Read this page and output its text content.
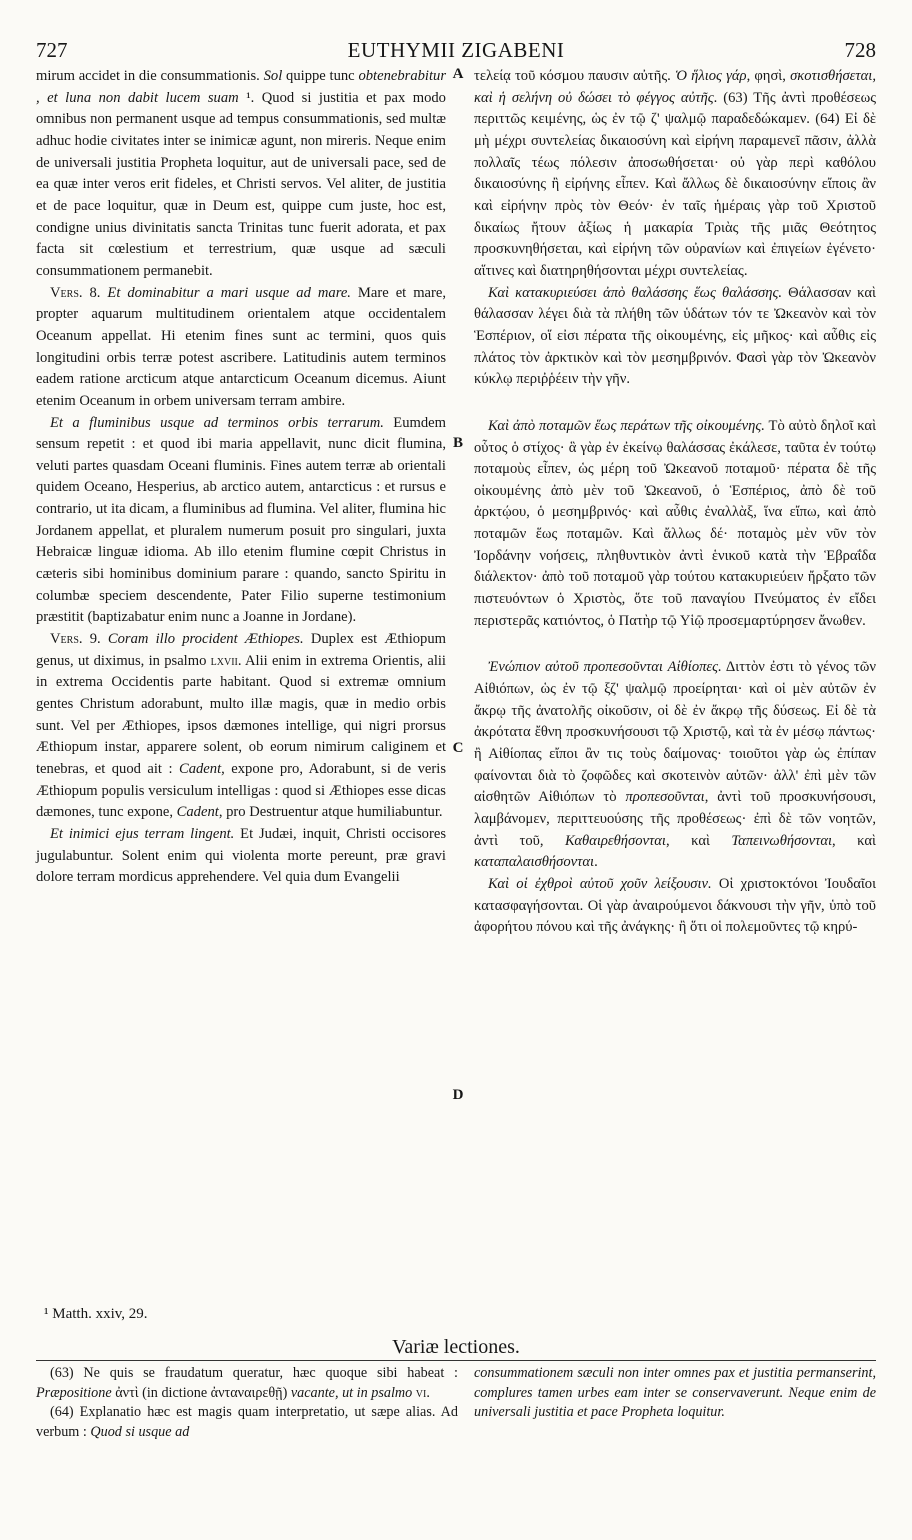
727	EUTHYMII ZIGABENI	728
A
B
C
D

mirum accidet in die consummationis. Sol quippe tunc obtenebrabitur , et luna non dabit lucem suam ¹. Quod si justitia et pax modo omnibus non permanent usque ad tempus consummationis, sed multæ adhuc hodie civitates inter se inimicæ agunt, non mireris. Neque enim de universali justitia Propheta loquitur, aut de universali pace, sed de ea quæ inter veros erit fideles, et Christi servos. Vel aliter, de justitia et de pace loquitur, quæ in Deum est, quippe cum juste, hoc est, condigne unius divinitatis sancta Trinitas tunc fuerit adorata, et pax facta sit cœlestium et terrestrium, quæ usque ad sæculi consummationem permanebit.

Vers. 8. Et dominabitur a mari usque ad mare. Mare et mare, propter aquarum multitudinem orientalem atque occidentalem Oceanum appellat. Hi etenim fines sunt ac termini, quos quis longitudini orbis terræ potest ascribere. Latitudinis autem terminos eadem ratione arcticum atque antarcticum Oceanum dicemus. Aiunt etenim Oceanum in orbem universam terram ambire.

Et a fluminibus usque ad terminos orbis terrarum. Eumdem sensum repetit : et quod ibi maria appellavit, nunc dicit flumina, veluti partes quasdam Oceani fluminis. Fines autem terræ ab orientali quidem Oceano, Hesperius, ab arctico autem, antarcticus : et rursus e contrario, ut ita dicam, a fluminibus ad flumina. Vel aliter, flumina hic Jordanem appellat, et pluralem numerum posuit pro singulari, juxta Hebraicæ linguæ idioma. Ab illo etenim flumine cœpit Christus in cæteris sibi hominibus dominium parare : quando, sancto Spiritu in columbæ speciem descendente, Pater Filio superne testimonium præstitit (baptizabatur enim nunc a Joanne in Jordane).

Vers. 9. Coram illo procident Æthiopes. Duplex est Æthiopum genus, ut diximus, in psalmo lxvii. Alii enim in extrema Orientis, alii in extrema Occidentis parte habitant. Quod si extremæ omnium gentes Christum adorabunt, multo illæ magis, quæ in medio orbis sunt. Vel per Æthiopes, ipsos dæmones intellige, qui nigri prorsus Æthiopum instar, apparere solent, ob eorum nimirum caliginem et tenebras, et quod ait : Cadent, expone pro, Adorabunt, si de veris Æthiopum populis versiculum intelligas : quod si Æthiopes esse dicas dæmones, tunc expone, Cadent, pro Destruentur atque humiliabuntur.

Et inimici ejus terram lingent. Et Judæi, inquit, Christi occisores jugulabuntur. Solent enim qui violenta morte pereunt, præ gravi dolore terram mordicus apprehendere. Vel quia dum Evangelii

τελείᾳ τοῦ κόσμου παυσιν αὐτῆς. Ὁ ἥλιος γάρ, φησὶ, σκοτισθήσεται, καὶ ἡ σελήνη οὐ δώσει τὸ φέγγος αὐτῆς. (63) Τῆς ἀντὶ προθέσεως περιττῶς κειμένης, ὡς ἐν τῷ ζ' ψαλμῷ παραδεδώκαμεν. (64) Εἰ δὲ μὴ μέχρι συντελείας δικαιοσύνη καὶ εἰρήνη παραμενεῖ πᾶσιν, ἀλλὰ πολλαῖς τέως πόλεσιν ἀποσωθήσεται· οὐ γὰρ περὶ καθόλου δικαιοσύνης ἢ εἰρήνης εἶπεν. Καὶ ἄλλως δὲ δικαιοσύνην εἴποις ἂν καὶ εἰρήνην πρὸς τὸν Θεόν· ἐν ταῖς ἡμέραις γὰρ τοῦ Χριστοῦ δικαίως ἤτουν ἀξίως ἡ μακαρία Τριὰς τῆς μιᾶς Θεότητος προσκυνηθήσεται, καὶ εἰρήνη τῶν οὐρανίων καὶ ἐπιγείων ἐγένετο· αἵτινες καὶ διατηρηθήσονται μέχρι συντελείας.

Καὶ κατακυριεύσει ἀπὸ θαλάσσης ἕως θαλάσσης. Θάλασσαν καὶ θάλασσαν λέγει διὰ τὰ πλήθη τῶν ὑδάτων τόν τε Ὠκεανὸν καὶ τὸν Ἑσπέριον, οἵ εἰσι πέρατα τῆς οἰκουμένης, εἰς μῆκος· καὶ αὖθις εἰς πλάτος τὸν ἀρκτικὸν καὶ τὸν μεσημβρινόν. Φασὶ γὰρ τὸν Ὠκεανὸν κύκλῳ περιῤῥέειν τὴν γῆν.

Καὶ ἀπὸ ποταμῶν ἕως περάτων τῆς οἰκουμένης. Τὸ αὐτὸ δηλοῖ καὶ οὗτος ὁ στίχος· ἃ γὰρ ἐν ἐκείνῳ θαλάσσας ἐκάλεσε, ταῦτα ἐν τούτῳ ποταμοὺς εἶπεν, ὡς μέρη τοῦ Ὠκεανοῦ ποταμοῦ· πέρατα δὲ τῆς οἰκουμένης ἀπὸ μὲν τοῦ Ὠκεανοῦ, ὁ Ἑσπέριος, ἀπὸ δὲ τοῦ ἀρκτῴου, ὁ μεσημβρινός· καὶ αὖθις ἐναλλὰξ, ἵνα εἴπω, καὶ ἀπὸ ποταμῶν ἕως ποταμῶν. Καὶ ἄλλως δέ· ποταμὸς μὲν νῦν τὸν Ἰορδάνην νοήσεις, πληθυντικὸν ἀντὶ ἑνικοῦ κατὰ τὴν Ἑβραΐδα διάλεκτον· ἀπὸ τοῦ ποταμοῦ γὰρ τούτου κατακυριεύειν ἤρξατο τῶν πιστευόντων ὁ Χριστὸς, ὅτε τοῦ παναγίου Πνεύματος ἐν εἴδει περιστερᾶς κατιόντος, ὁ Πατὴρ τῷ Υἱῷ προσεμαρτύρησεν ἄνωθεν.

Ἐνώπιον αὐτοῦ προπεσοῦνται Αἰθίοπες. Διττὸν ἐστι τὸ γένος τῶν Αἰθιόπων, ὡς ἐν τῷ ξζ' ψαλμῷ προείρηται· καὶ οἱ μὲν αὐτῶν ἐν ἄκρῳ τῆς ἀνατολῆς οἰκοῦσιν, οἱ δὲ ἐν ἄκρῳ τῆς δύσεως. Εἰ δὲ τὰ ἀκρότατα ἔθνη προσκυνήσουσι τῷ Χριστῷ, καὶ τὰ ἐν μέσῳ πάντως· ἢ Αἰθίοπας εἴποι ἂν τις τοὺς δαίμονας· τοιοῦτοι γὰρ ὡς ἐπίπαν φαίνονται διὰ τὸ ζοφῶδες καὶ σκοτεινὸν αὐτῶν· ἀλλ' ἐπὶ μὲν τῶν αἰσθητῶν Αἰθιόπων τὸ προπεσοῦνται, ἀντὶ τοῦ προσκυνήσουσι, λαμβάνομεν, περιττευούσης τῆς προθέσεως· ἐπὶ δὲ τῶν νοητῶν, ἀντὶ τοῦ, Καθαιρεθήσονται, καὶ Ταπεινωθήσονται, καὶ καταπαλαισθήσονται.

Καὶ οἱ ἐχθροὶ αὐτοῦ χοῦν λείξουσιν. Οἱ χριστοκτόνοι Ἰουδαῖοι κατασφαγήσονται. Οἱ γὰρ ἀναιρούμενοι δάκνουσι τὴν γῆν, ὑπὸ τοῦ ἀφορήτου πόνου καὶ τῆς ἀνάγκης· ἢ ὅτι οἱ πολεμοῦντες τῷ κηρύ-

¹ Matth. xxiv, 29.
Variæ lectiones.

(63) Ne quis se fraudatum queratur, hæc quoque sibi habeat : Præpositione ἀντὶ (in dictione ἀνταναιρεθῇ) vacante, ut in psalmo vi.

(64) Explanatio hæc est magis quam interpretatio, ut sæpe alias. Ad verbum : Quod si usque ad

consummationem sæculi non inter omnes pax et justitia permanserint, complures tamen urbes eam inter se conservaverunt. Neque enim de universali justitia et pace Propheta loquitur.
